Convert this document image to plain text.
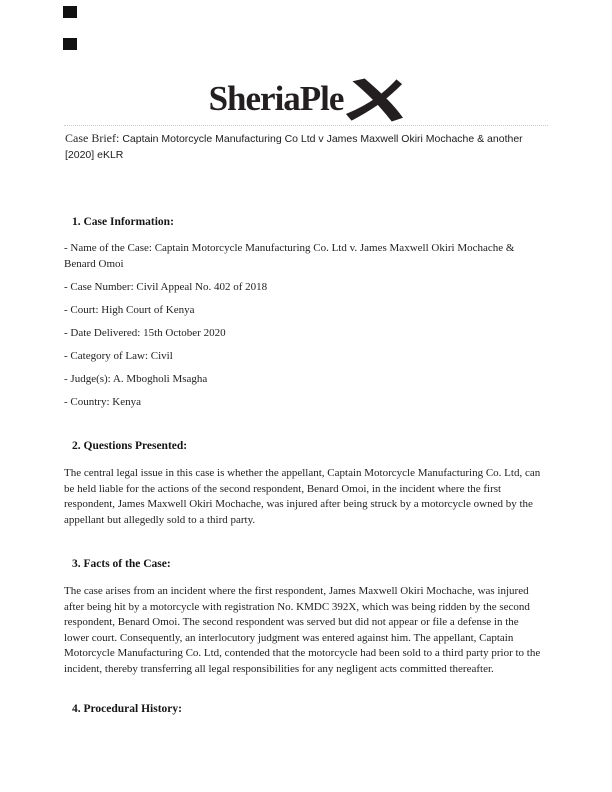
SheriaPle
Case Brief: Captain Motorcycle Manufacturing Co Ltd v James Maxwell Okiri Mochache & another [2020] eKLR
1. Case Information:
- Name of the Case: Captain Motorcycle Manufacturing Co. Ltd v. James Maxwell Okiri Mochache & Benard Omoi
- Case Number: Civil Appeal No. 402 of 2018
- Court: High Court of Kenya
- Date Delivered: 15th October 2020
- Category of Law: Civil
- Judge(s): A. Mbogholi Msagha
- Country: Kenya
2. Questions Presented:
The central legal issue in this case is whether the appellant, Captain Motorcycle Manufacturing Co. Ltd, can be held liable for the actions of the second respondent, Benard Omoi, in the incident where the first respondent, James Maxwell Okiri Mochache, was injured after being struck by a motorcycle owned by the appellant but allegedly sold to a third party.
3. Facts of the Case:
The case arises from an incident where the first respondent, James Maxwell Okiri Mochache, was injured after being hit by a motorcycle with registration No. KMDC 392X, which was being ridden by the second respondent, Benard Omoi. The second respondent was served but did not appear or file a defense in the lower court. Consequently, an interlocutory judgment was entered against him. The appellant, Captain Motorcycle Manufacturing Co. Ltd, contended that the motorcycle had been sold to a third party prior to the incident, thereby transferring all legal responsibilities for any negligent acts committed thereafter.
4. Procedural History:
